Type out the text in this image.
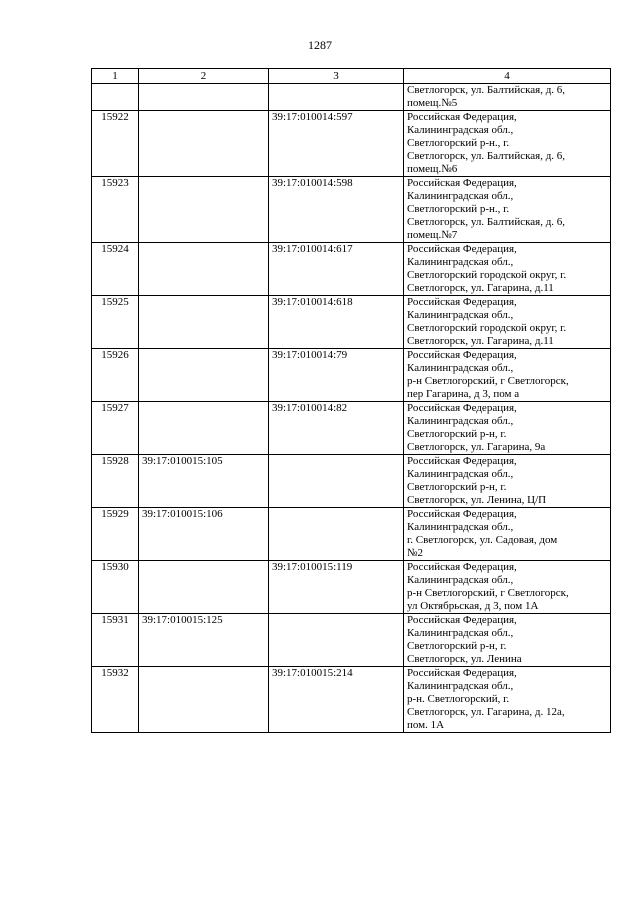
1287
1	2	3	4
			Светлогорск, ул. Балтийская, д. 6,
помещ.№5
15922		39:17:010014:597	Российская Федерация,
Калининградская обл.,
Светлогорский р-н., г.
Светлогорск, ул. Балтийская, д. 6,
помещ.№6
15923		39:17:010014:598	Российская Федерация,
Калининградская обл.,
Светлогорский р-н., г.
Светлогорск, ул. Балтийская, д. 6,
помещ.№7
15924		39:17:010014:617	Российская Федерация,
Калининградская обл.,
Светлогорский городской округ, г.
Светлогорск, ул. Гагарина, д.11
15925		39:17:010014:618	Российская Федерация,
Калининградская обл.,
Светлогорский городской округ, г.
Светлогорск, ул. Гагарина, д.11
15926		39:17:010014:79	Российская Федерация,
Калининградская обл.,
р-н Светлогорский, г Светлогорск,
пер Гагарина, д 3, пом а
15927		39:17:010014:82	Российская Федерация,
Калининградская обл.,
Светлогорский р-н, г.
Светлогорск, ул. Гагарина, 9а
15928	39:17:010015:105		Российская Федерация,
Калининградская обл.,
Светлогорский р-н, г.
Светлогорск, ул. Ленина, Ц/П
15929	39:17:010015:106		Российская Федерация,
Калининградская обл.,
г. Светлогорск, ул. Садовая, дом
№2
15930		39:17:010015:119	Российская Федерация,
Калининградская обл.,
р-н Светлогорский, г Светлогорск,
ул Октябрьская, д 3, пом 1А
15931	39:17:010015:125		Российская Федерация,
Калининградская обл.,
Светлогорский р-н, г.
Светлогорск, ул. Ленина
15932		39:17:010015:214	Российская Федерация,
Калининградская обл.,
р-н. Светлогорский, г.
Светлогорск, ул. Гагарина, д. 12а,
пом. 1А
